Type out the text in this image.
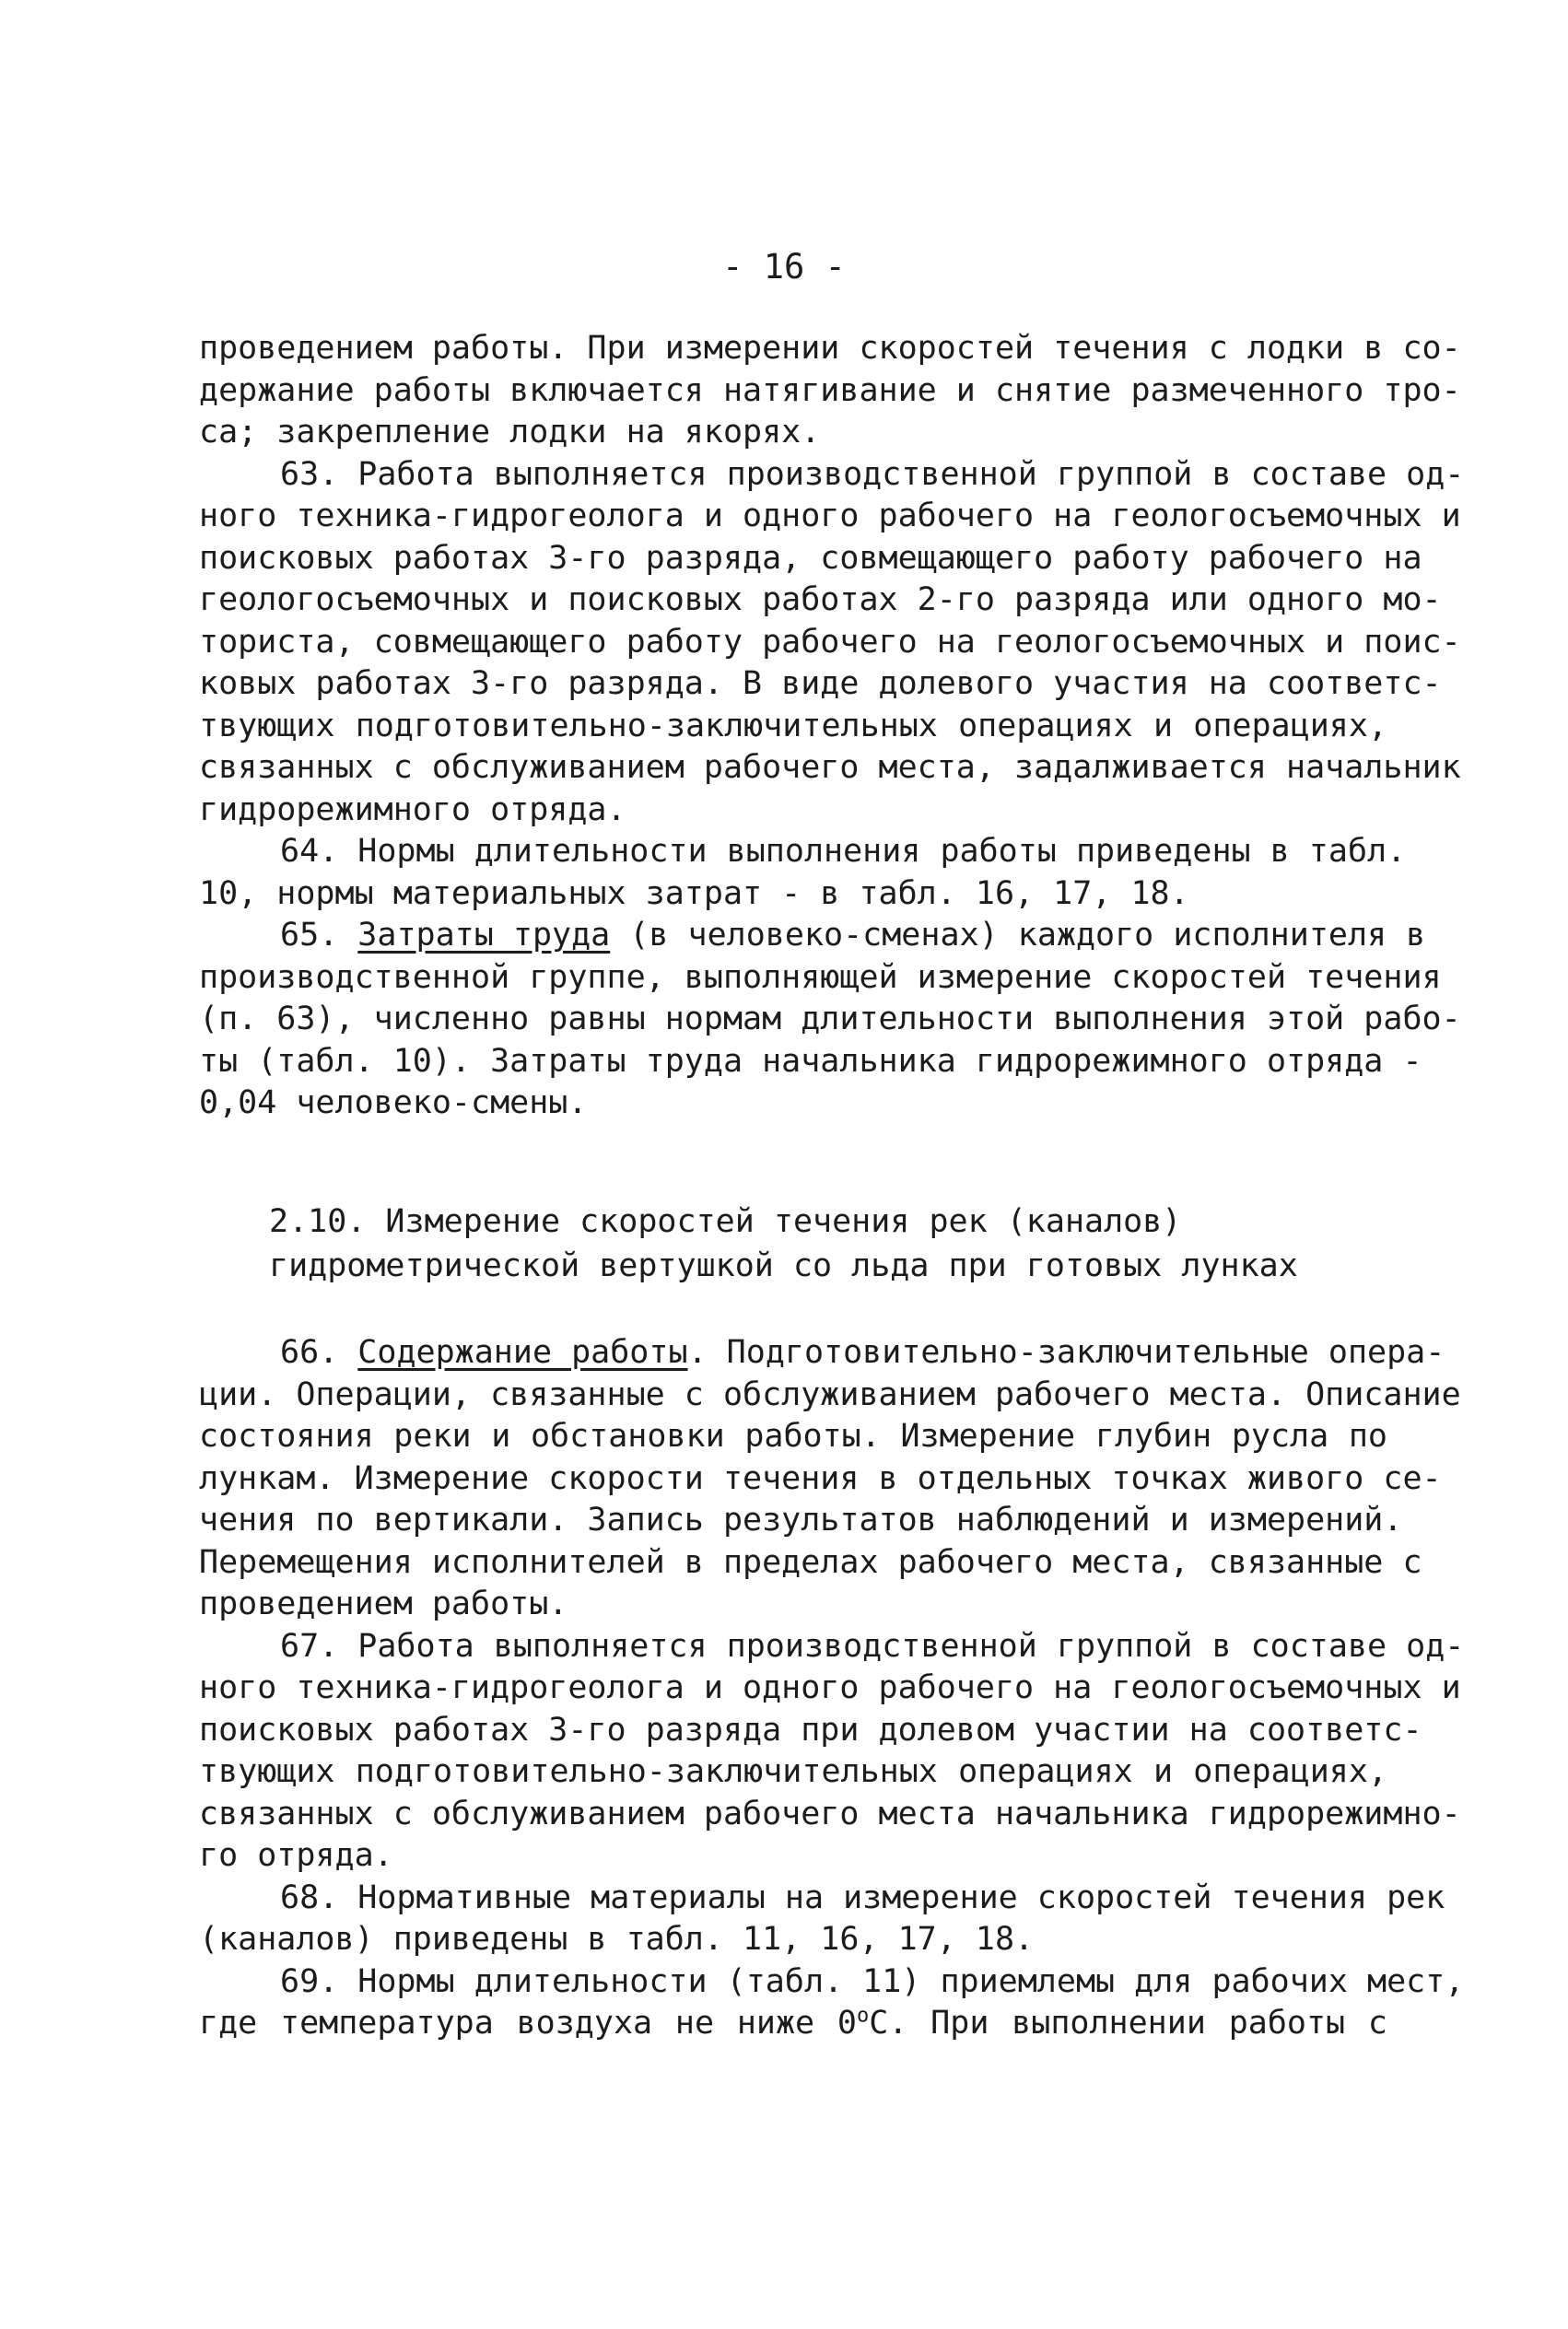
- 16 -
проведением работы. При измерении скоростей течения с лодки в со-
держание работы включается натягивание и снятие размеченного тро-
са; закрепление лодки на якорях.
63. Работа выполняется производственной группой в составе од-
ного техника-гидрогеолога и одного рабочего на геологосъемочных и
поисковых работах 3-го разряда, совмещающего работу рабочего на
геологосъемочных и поисковых работах 2-го разряда или одного мо-
ториста, совмещающего работу рабочего на геологосъемочных и поис-
ковых работах 3-го разряда. В виде долевого участия на соответс-
твующих подготовительно-заключительных операциях и операциях,
связанных с обслуживанием рабочего места, задалживается начальник
гидрорежимного отряда.
64. Нормы длительности выполнения работы приведены в табл.
10, нормы материальных затрат - в табл. 16, 17, 18.
65. Затраты труда (в человеко-сменах) каждого исполнителя в
производственной группе, выполняющей измерение скоростей течения
(п. 63), численно равны нормам длительности выполнения этой рабо-
ты (табл. 10). Затраты труда начальника гидрорежимного отряда -
0,04 человеко-смены.
2.10. Измерение скоростей течения рек (каналов)
гидрометрической вертушкой со льда при готовых лунках
66. Содержание работы. Подготовительно-заключительные опера-
ции. Операции, связанные с обслуживанием рабочего места. Описание
состояния реки и обстановки работы. Измерение глубин русла по
лункам. Измерение скорости течения в отдельных точках живого се-
чения по вертикали. Запись результатов наблюдений и измерений.
Перемещения исполнителей в пределах рабочего места, связанные с
проведением работы.
67. Работа выполняется производственной группой в составе од-
ного техника-гидрогеолога и одного рабочего на геологосъемочных и
поисковых работах 3-го разряда при долевом участии на соответс-
твующих подготовительно-заключительных операциях и операциях,
связанных с обслуживанием рабочего места начальника гидрорежимно-
го отряда.
68. Нормативные материалы на измерение скоростей течения рек
(каналов) приведены в табл. 11, 16, 17, 18.
69. Нормы длительности (табл. 11) приемлемы для рабочих мест,
где температура воздуха не ниже $0^оС$. При выполнении работы с
